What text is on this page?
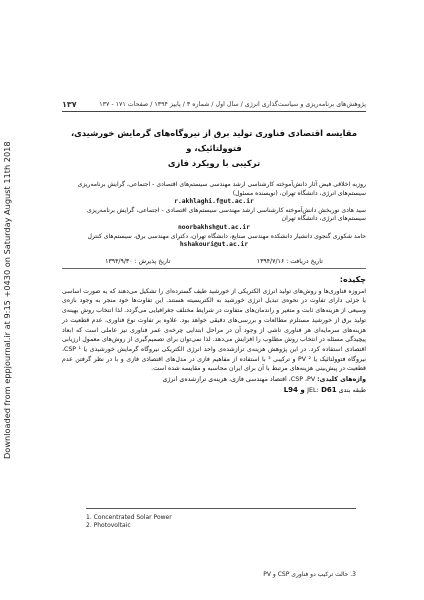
Downloaded from eppjournal.ir at 9:15 +0430 on Saturday August 11th 2018
پژوهش‌های برنامه‌ریزی و سیاست‌گذاری انرژی / سال اول / شماره ۳ / پاییز ۱۳۹۴ / صفحات ۱۷۱ - ۱۳۷
۱۳۷
مقایسه اقتصادی فناوری تولید برق از نیروگاه‌های گرمایش خورشیدی، فتوولتائیک، و
ترکیبی با رویکرد فازی
روزبه اخلاقی فیض آثار دانش‌آموخته کارشناسی ارشد مهندسی سیستم‌های اقتصادی - اجتماعی، گرایش برنامه‌ریزی سیستم‌های انرژی، دانشگاه تهران، (نویسنده مسئول)
r.akhlaghi.f@ut.ac.ir
سید هادی نوربخش دانش‌آموخته کارشناسی ارشد مهندسی سیستم‌های اقتصادی - اجتماعی، گرایش برنامه‌ریزی سیستم‌های انرژی، دانشگاه تهران
noorbakhsh@ut.ac.ir
حامد شکوری گنجوی دانشیار دانشکده مهندسی صنایع، دانشگاه تهران، دکترای مهندسی برق، سیستم‌های کنترل
hshakouri@ut.ac.ir
تاریخ دریافت : ۱۳۹۴/۷/۱۶
تاریخ پذیرش : ۱۳۹۴/۹/۳۰
چکیده:
امروزه فناوری‌ها و روش‌های تولید انرژی الکتریکی از خورشید طیف گسترده‌ای را تشکیل می‌دهند که به صورت اساسی یا جزئی دارای تفاوت در نحوه‌ی تبدیل انرژی خورشید به الکتریسیته هستند. این تفاوت‌ها خود منجر به وجود بازه‌ی وسیعی از هزینه‌های ثابت و متغیر و راندمان‌های متفاوت در شرایط مختلف جغرافیایی می‌گردد. لذا انتخاب روش بهینه‌ی تولید برق از خورشید مستلزم مطالعات و بررسی‌های دقیقی خواهد بود. علاوه بر تفاوت نوع فناوری، عدم قطعیت در هزینه‌های سرمایه‌ای هر فناوری ناشی از وجود آن در مراحل ابتدایی چرخه‌ی عمر فناوری نیز عاملی است که ابعاد پیچیدگی مسئله در انتخاب روش مطلوب را افزایش می‌دهد. لذا نمی‌توان برای تصمیم‌گیری از روش‌های معمول ارزیابی اقتصادی استفاده کرد. در این پژوهش هزینه‌ی ترازشده‌ی واحد انرژی الکتریکی نیروگاه گرمایش خورشیدی یا CSP ¹، نیروگاه فتوولتائیک یا PV ² و ترکیبی ³ با استفاده از مفاهیم فازی در مدل‌های اقتصادی فازی و با در نظر گرفتن عدم قطعیت در پیش‌بینی هزینه‌های مرتبط با آن برای ایران محاسبه و مقایسه شده است.
واژه‌های کلیدی: CSP ،PV، اقتصاد مهندسی فازی، هزینه‌ی ترازشده‌ی انرژی
طبقه بندی JEL: D61 و L94
1. Concentrated Solar Power
2. Photovoltaic
3. حالت ترکیب دو فناوری CSP و PV
